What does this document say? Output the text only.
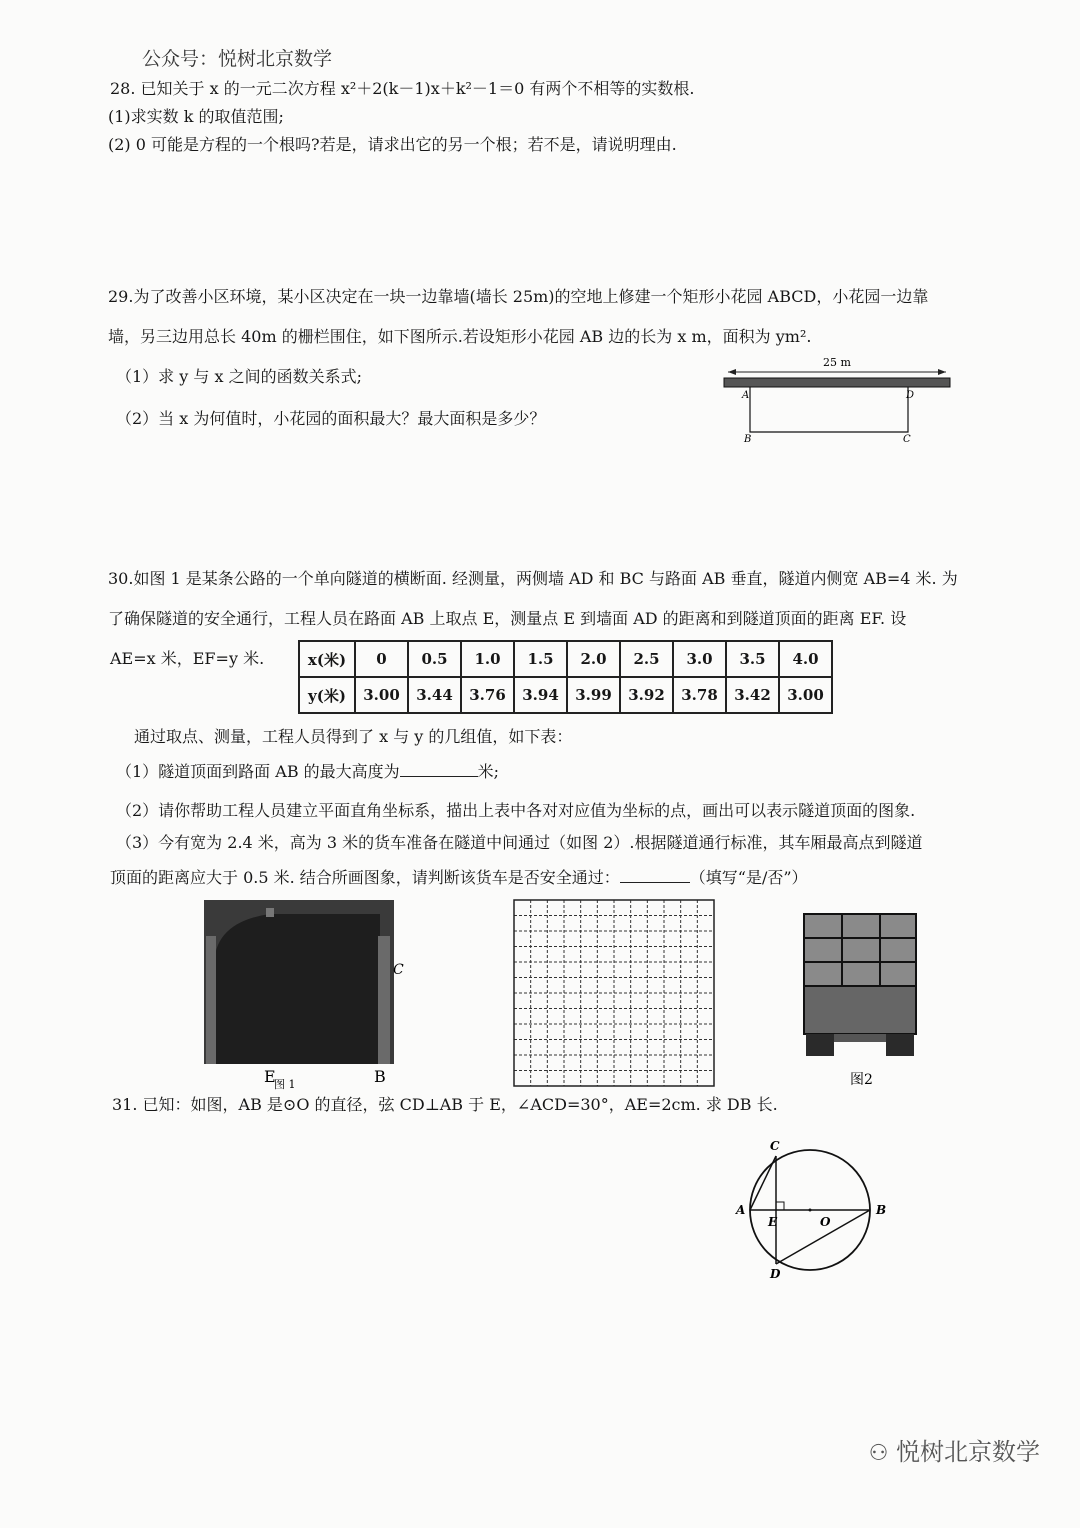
公众号：悦树北京数学
28. 已知关于 x 的一元二次方程 x²＋2(k－1)x＋k²－1＝0 有两个不相等的实数根.
(1)求实数 k 的取值范围;
(2) 0 可能是方程的一个根吗?若是，请求出它的另一个根；若不是，请说明理由.
29.为了改善小区环境，某小区决定在一块一边靠墙(墙长 25m)的空地上修建一个矩形小花园 ABCD，小花园一边靠
墙，另三边用总长 40m 的栅栏围住，如下图所示.若设矩形小花园 AB 边的长为 x m，面积为 ym².
（1）求 y 与 x 之间的函数关系式;
（2）当 x 为何值时，小花园的面积最大？最大面积是多少？
25 m
A	D
B	C
30.如图 1 是某条公路的一个单向隧道的横断面. 经测量，两侧墙 AD 和 BC 与路面 AB 垂直，隧道内侧宽 AB=4 米. 为
了确保隧道的安全通行，工程人员在路面 AB 上取点 E，测量点 E 到墙面 AD 的距离和到隧道顶面的距离 EF. 设
AE=x 米，EF=y 米.	x(米)	0	0.5	1.0	1.5	2.0	2.5	3.0	3.5	4.0
y(米)	3.00	3.44	3.76	3.94	3.99	3.92	3.78	3.42	3.00
通过取点、测量，工程人员得到了 x 与 y 的几组值，如下表：
（1）隧道顶面到路面 AB 的最大高度为	米;
（2）请你帮助工程人员建立平面直角坐标系，描出上表中各对对应值为坐标的点，画出可以表示隧道顶面的图象.
（3）今有宽为 2.4 米，高为 3 米的货车准备在隧道中间通过（如图 2）.根据隧道通行标准，其车厢最高点到隧道
顶面的距离应大于 0.5 米. 结合所画图象，请判断该货车是否安全通过：	（填写“是/否”）
C
E
图 1	B	图2
31. 已知：如图，AB 是⊙O 的直径，弦 CD⊥AB 于 E，∠ACD=30°，AE=2cm. 求 DB 长.
C
A
E	O
B
D
⚇ 悦树北京数学
